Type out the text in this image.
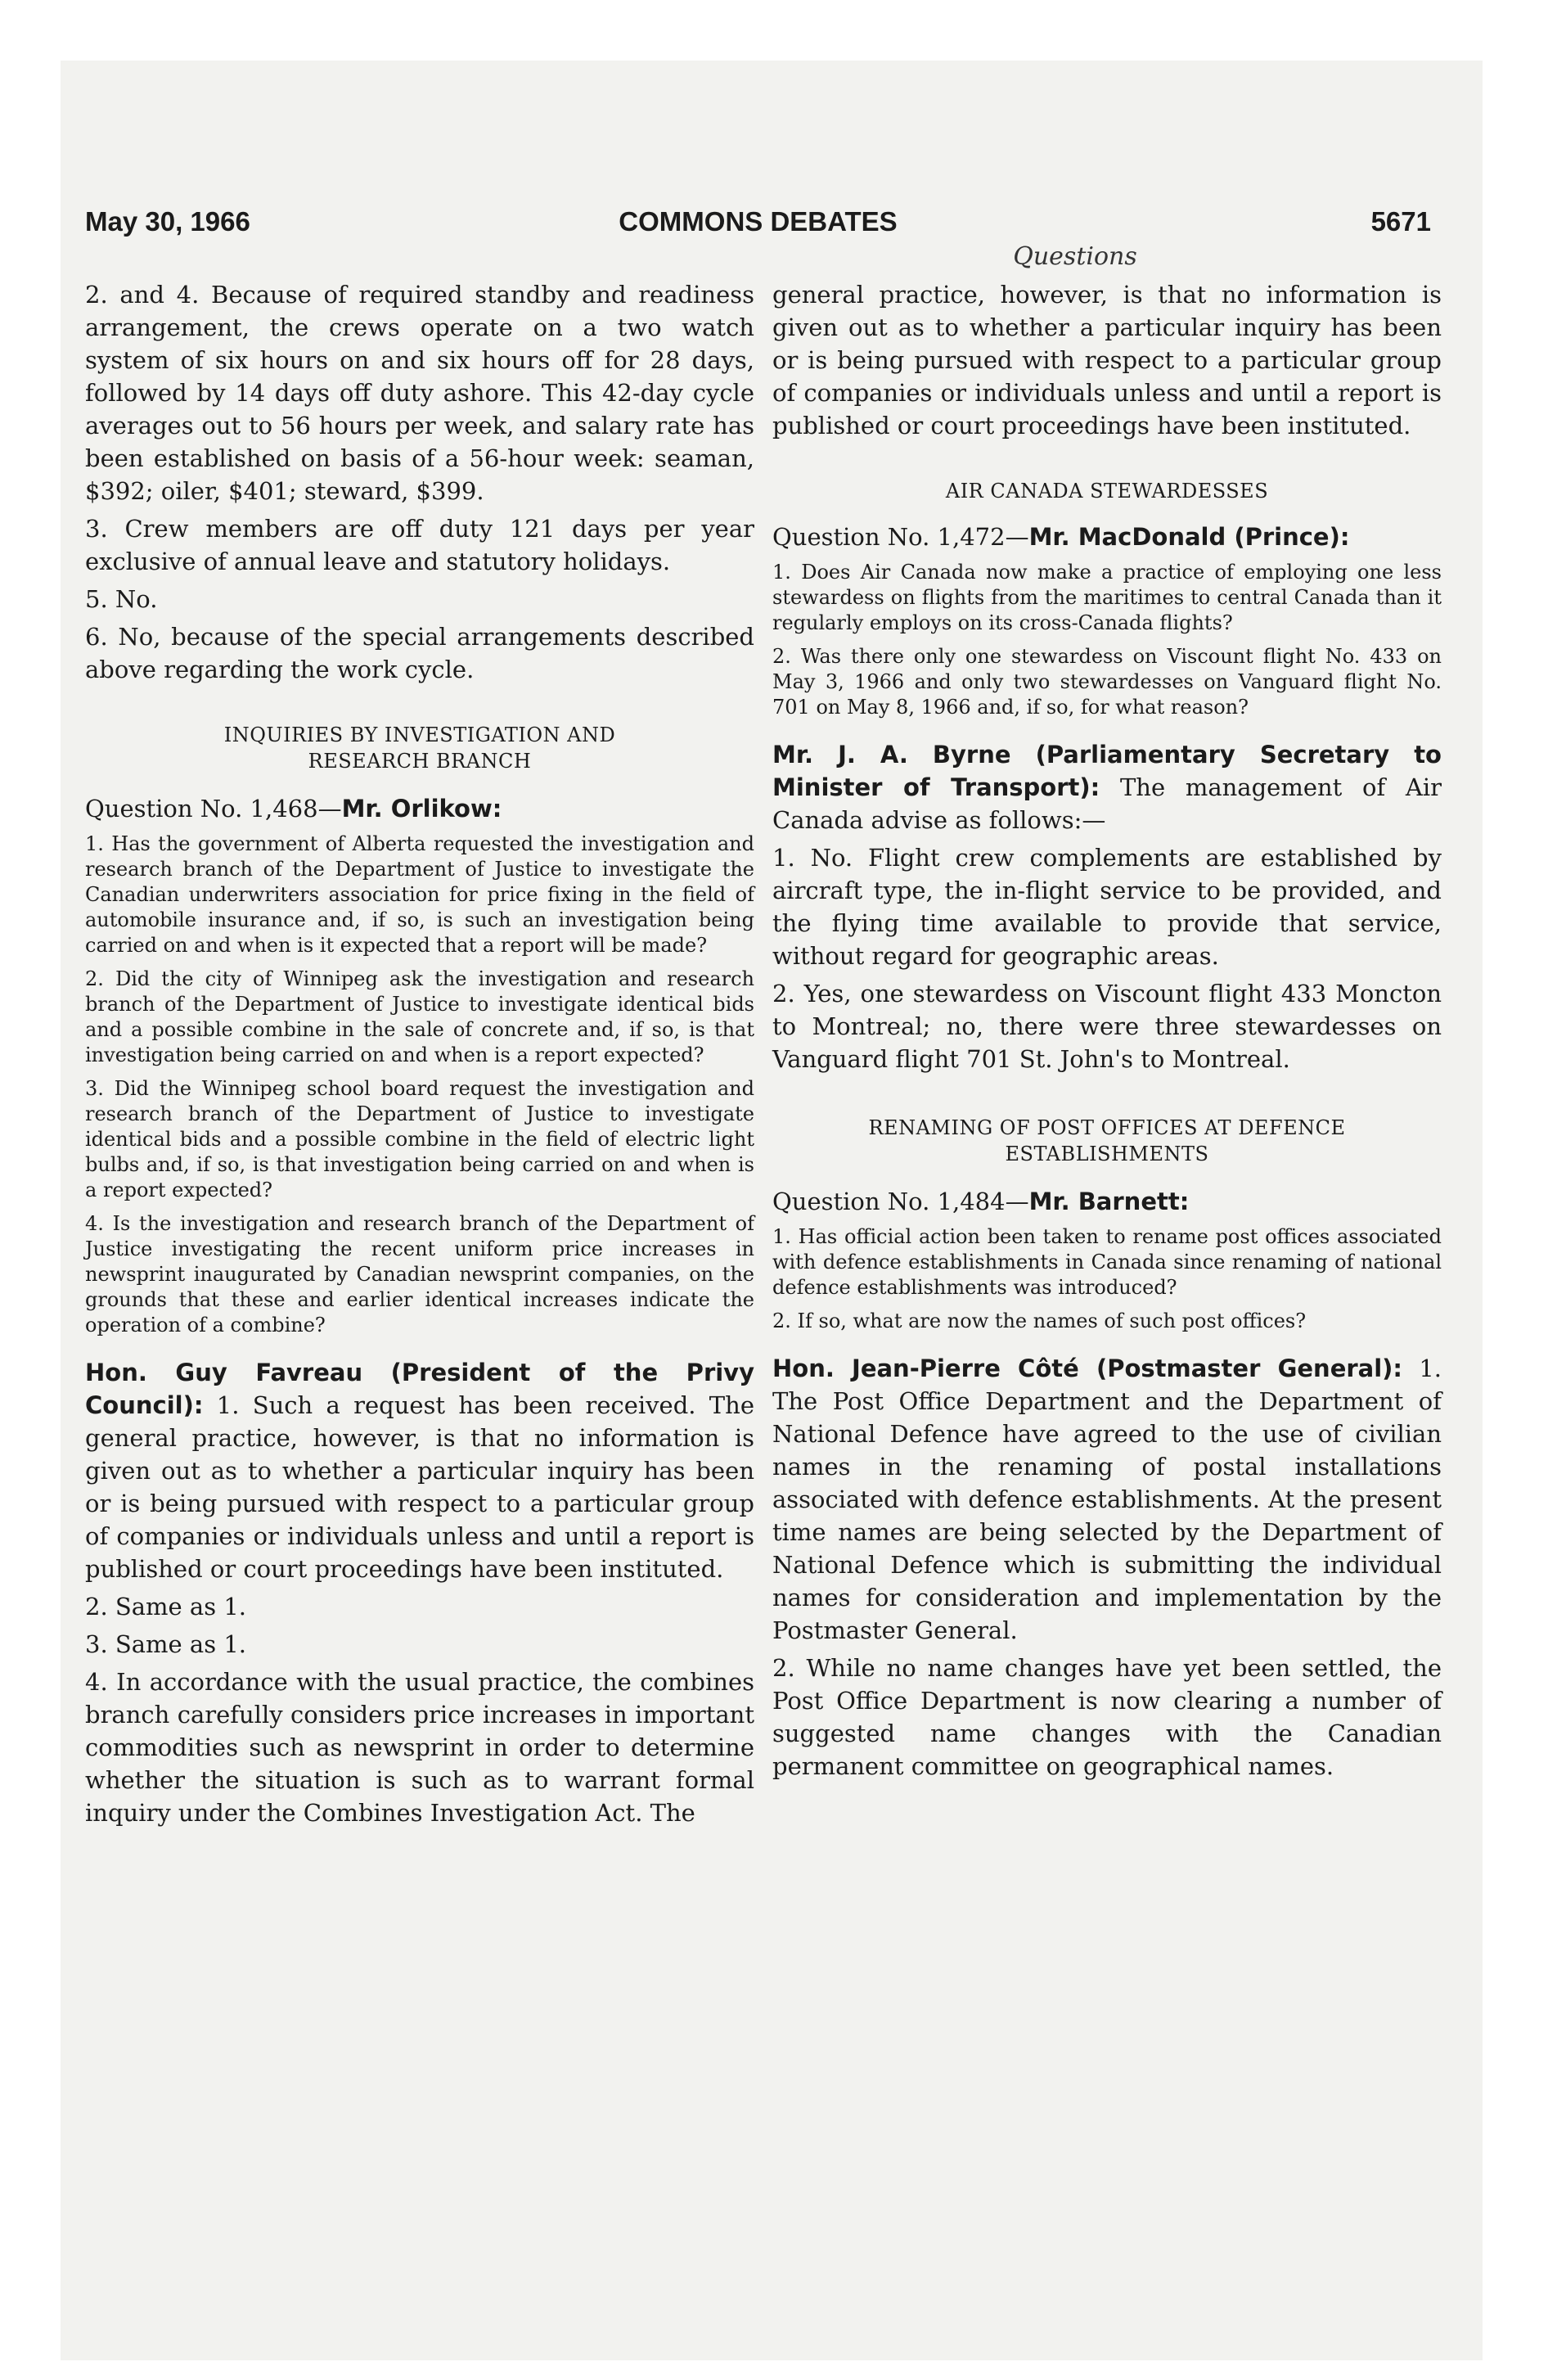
May 30, 1966	COMMONS DEBATES	5671
Questions

2. and 4. Because of required standby and readiness arrangement, the crews operate on a two watch system of six hours on and six hours off for 28 days, followed by 14 days off duty ashore. This 42-day cycle averages out to 56 hours per week, and salary rate has been established on basis of a 56-hour week: seaman, $392; oiler, $401; steward, $399.

3. Crew members are off duty 121 days per year exclusive of annual leave and statutory holidays.

5. No.

6. No, because of the special arrangements described above regarding the work cycle.

INQUIRIES BY INVESTIGATION AND

RESEARCH BRANCH

Question No. 1,468—Mr. Orlikow:

1. Has the government of Alberta requested the investigation and research branch of the Department of Justice to investigate the Canadian underwriters association for price fixing in the field of automobile insurance and, if so, is such an investigation being carried on and when is it expected that a report will be made?

2. Did the city of Winnipeg ask the investigation and research branch of the Department of Justice to investigate identical bids and a possible combine in the sale of concrete and, if so, is that investigation being carried on and when is a report expected?

3. Did the Winnipeg school board request the investigation and research branch of the Department of Justice to investigate identical bids and a possible combine in the field of electric light bulbs and, if so, is that investigation being carried on and when is a report expected?

4. Is the investigation and research branch of the Department of Justice investigating the recent uniform price increases in newsprint inaugurated by Canadian newsprint companies, on the grounds that these and earlier identical increases indicate the operation of a combine?

Hon. Guy Favreau (President of the Privy Council): 1. Such a request has been received. The general practice, however, is that no information is given out as to whether a particular inquiry has been or is being pursued with respect to a particular group of companies or individuals unless and until a report is published or court proceedings have been instituted.

2. Same as 1.

3. Same as 1.

4. In accordance with the usual practice, the combines branch carefully considers price increases in important commodities such as newsprint in order to determine whether the situation is such as to warrant formal inquiry under the Combines Investigation Act. The

general practice, however, is that no information is given out as to whether a particular inquiry has been or is being pursued with respect to a particular group of companies or individuals unless and until a report is published or court proceedings have been instituted.

AIR CANADA STEWARDESSES

Question No. 1,472—Mr. MacDonald (Prince):

1. Does Air Canada now make a practice of employing one less stewardess on flights from the maritimes to central Canada than it regularly employs on its cross-Canada flights?

2. Was there only one stewardess on Viscount flight No. 433 on May 3, 1966 and only two stewardesses on Vanguard flight No. 701 on May 8, 1966 and, if so, for what reason?

Mr. J. A. Byrne (Parliamentary Secretary to Minister of Transport): The management of Air Canada advise as follows:—

1. No. Flight crew complements are established by aircraft type, the in-flight service to be provided, and the flying time available to provide that service, without regard for geographic areas.

2. Yes, one stewardess on Viscount flight 433 Moncton to Montreal; no, there were three stewardesses on Vanguard flight 701 St. John's to Montreal.

RENAMING OF POST OFFICES AT DEFENCE

ESTABLISHMENTS

Question No. 1,484—Mr. Barnett:

1. Has official action been taken to rename post offices associated with defence establishments in Canada since renaming of national defence establishments was introduced?

2. If so, what are now the names of such post offices?

Hon. Jean-Pierre Côté (Postmaster General): 1. The Post Office Department and the Department of National Defence have agreed to the use of civilian names in the renaming of postal installations associated with defence establishments. At the present time names are being selected by the Department of National Defence which is submitting the individual names for consideration and implementation by the Postmaster General.

2. While no name changes have yet been settled, the Post Office Department is now clearing a number of suggested name changes with the Canadian permanent committee on geographical names.
